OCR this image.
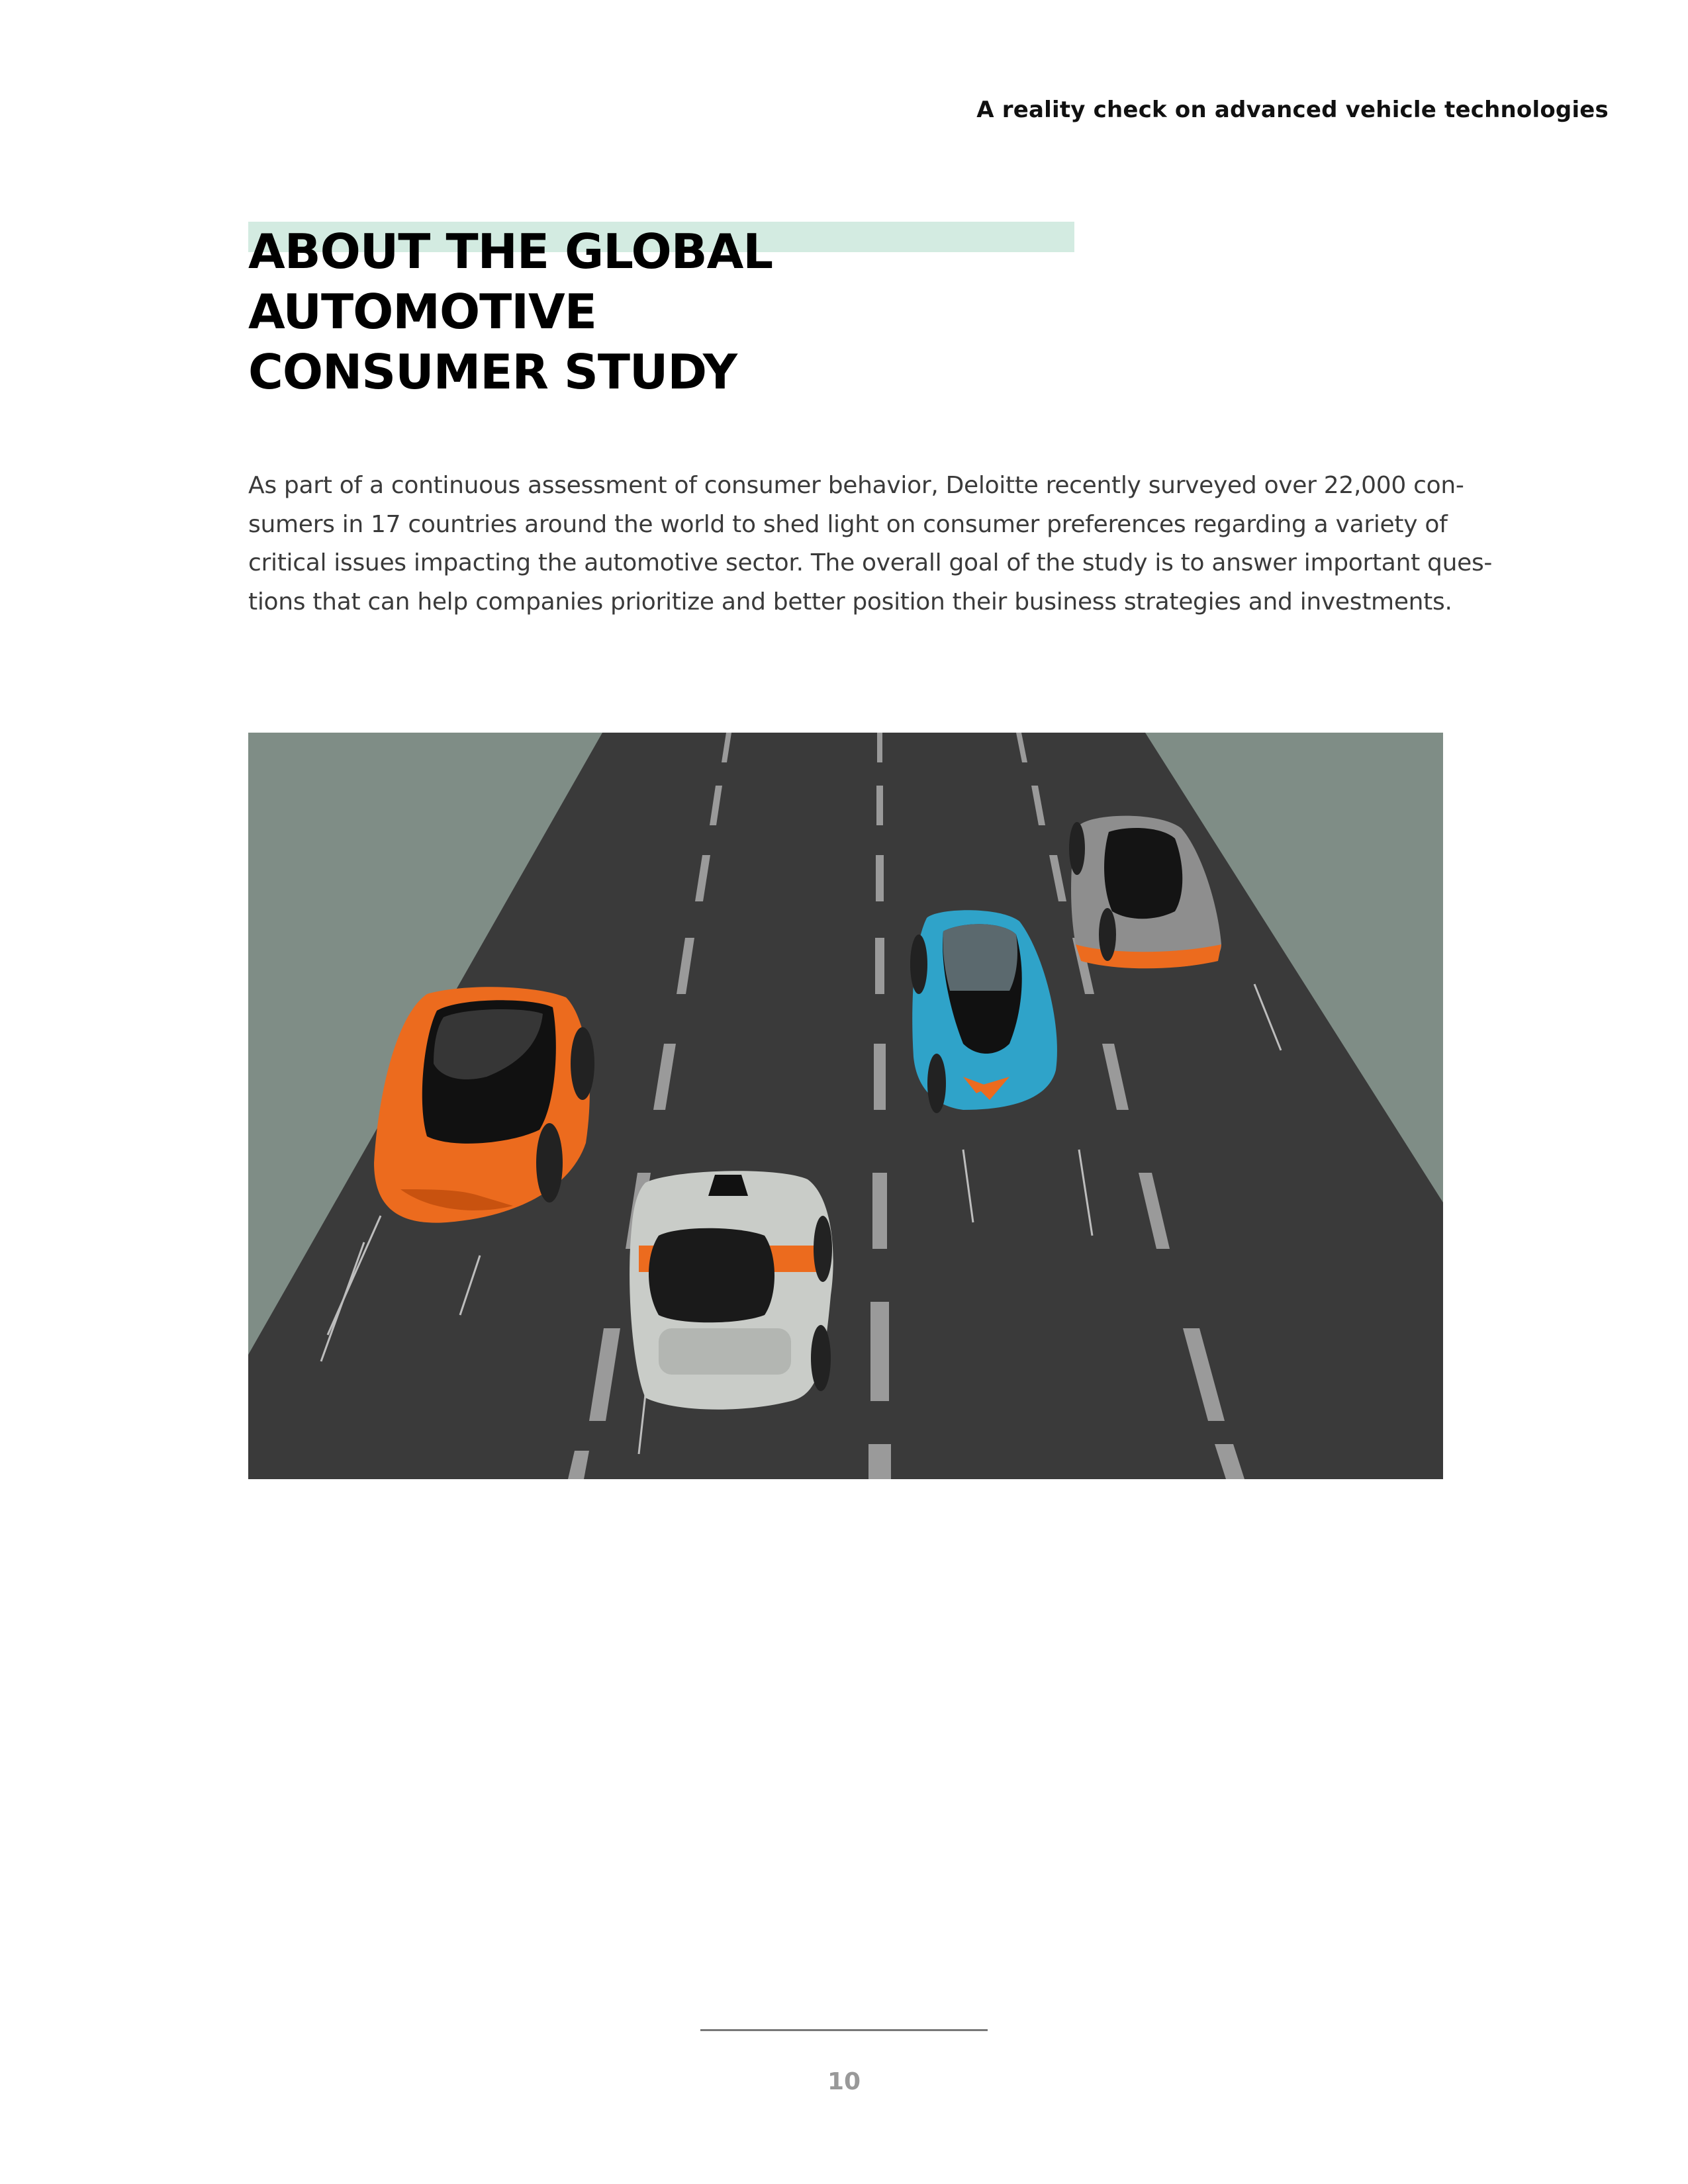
A reality check on advanced vehicle technologies
ABOUT THE GLOBAL AUTOMOTIVE
CONSUMER STUDY

As part of a continuous assessment of consumer behavior, Deloitte recently surveyed over 22,000 con-
sumers in 17 countries around the world to shed light on consumer preferences regarding a variety of
critical issues impacting the automotive sector. The overall goal of the study is to answer important ques-
tions that can help companies prioritize and better position their business strategies and investments.

10
